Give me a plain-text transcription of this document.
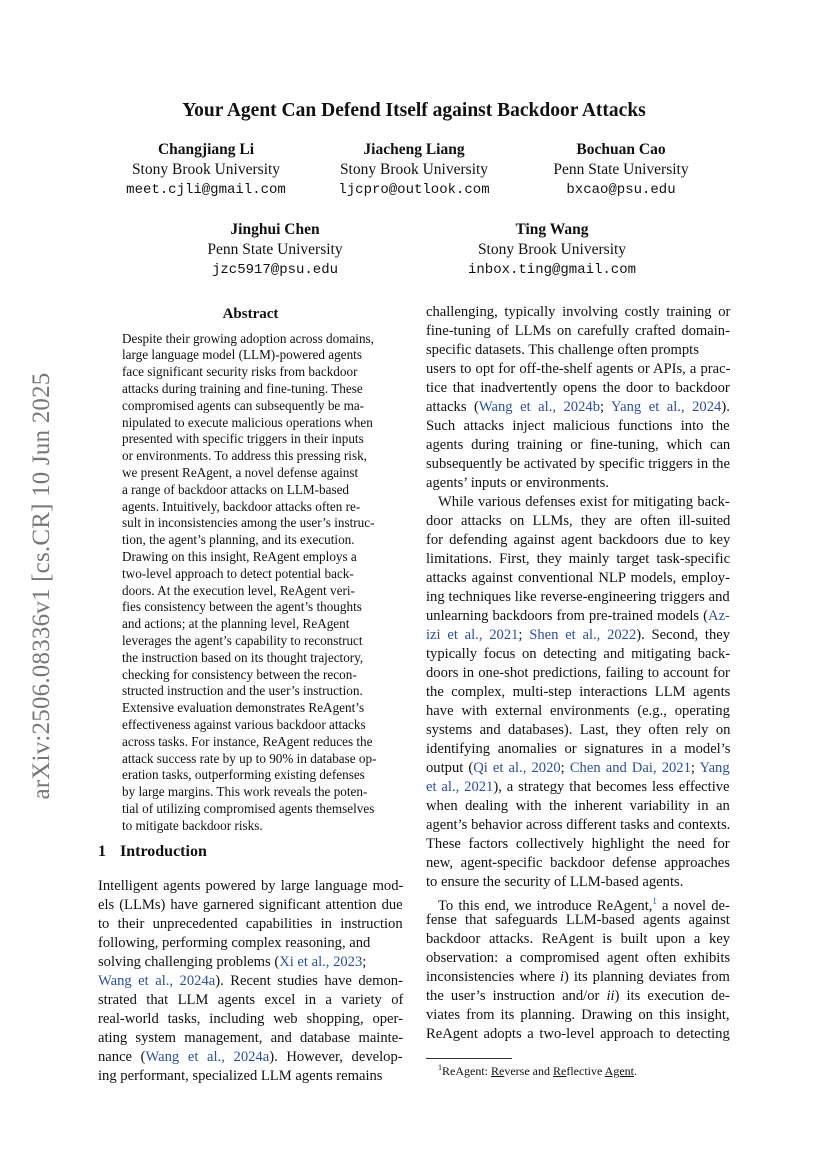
arXiv:2506.08336v1 [cs.CR] 10 Jun 2025
Your Agent Can Defend Itself against Backdoor Attacks
Changjiang Li
Stony Brook University
meet.cjli@gmail.com
Jiacheng Liang
Stony Brook University
ljcpro@outlook.com
Bochuan Cao
Penn State University
bxcao@psu.edu
Jinghui Chen
Penn State University
jzc5917@psu.edu
Ting Wang
Stony Brook University
inbox.ting@gmail.com
Abstract
Despite their growing adoption across domains,
large language model (LLM)-powered agents
face significant security risks from backdoor
attacks during training and fine-tuning. These
compromised agents can subsequently be ma-
nipulated to execute malicious operations when
presented with specific triggers in their inputs
or environments. To address this pressing risk,
we present ReAgent, a novel defense against
a range of backdoor attacks on LLM-based
agents. Intuitively, backdoor attacks often re-
sult in inconsistencies among the user’s instruc-
tion, the agent’s planning, and its execution.
Drawing on this insight, ReAgent employs a
two-level approach to detect potential back-
doors. At the execution level, ReAgent veri-
fies consistency between the agent’s thoughts
and actions; at the planning level, ReAgent
leverages the agent’s capability to reconstruct
the instruction based on its thought trajectory,
checking for consistency between the recon-
structed instruction and the user’s instruction.
Extensive evaluation demonstrates ReAgent’s
effectiveness against various backdoor attacks
across tasks. For instance, ReAgent reduces the
attack success rate by up to 90% in database op-
eration tasks, outperforming existing defenses
by large margins. This work reveals the poten-
tial of utilizing compromised agents themselves
to mitigate backdoor risks.
1 Introduction
Intelligent agents powered by large language mod-
els (LLMs) have garnered significant attention due
to their unprecedented capabilities in instruction
following, performing complex reasoning, and
solving challenging problems (Xi et al., 2023;
Wang et al., 2024a). Recent studies have demon-
strated that LLM agents excel in a variety of
real-world tasks, including web shopping, oper-
ating system management, and database mainte-
nance (Wang et al., 2024a). However, develop-
ing performant, specialized LLM agents remains
challenging, typically involving costly training or
fine-tuning of LLMs on carefully crafted domain-
specific datasets. This challenge often prompts
users to opt for off-the-shelf agents or APIs, a prac-
tice that inadvertently opens the door to backdoor
attacks (Wang et al., 2024b; Yang et al., 2024).
Such attacks inject malicious functions into the
agents during training or fine-tuning, which can
subsequently be activated by specific triggers in the
agents’ inputs or environments.
While various defenses exist for mitigating back-
door attacks on LLMs, they are often ill-suited
for defending against agent backdoors due to key
limitations. First, they mainly target task-specific
attacks against conventional NLP models, employ-
ing techniques like reverse-engineering triggers and
unlearning backdoors from pre-trained models (Az-
izi et al., 2021; Shen et al., 2022). Second, they
typically focus on detecting and mitigating back-
doors in one-shot predictions, failing to account for
the complex, multi-step interactions LLM agents
have with external environments (e.g., operating
systems and databases). Last, they often rely on
identifying anomalies or signatures in a model’s
output (Qi et al., 2020; Chen and Dai, 2021; Yang
et al., 2021), a strategy that becomes less effective
when dealing with the inherent variability in an
agent’s behavior across different tasks and contexts.
These factors collectively highlight the need for
new, agent-specific backdoor defense approaches
to ensure the security of LLM-based agents.
To this end, we introduce ReAgent,$^1$ a novel de-
fense that safeguards LLM-based agents against
backdoor attacks. ReAgent is built upon a key
observation: a compromised agent often exhibits
inconsistencies where i) its planning deviates from
the user’s instruction and/or ii) its execution de-
viates from its planning. Drawing on this insight,
ReAgent adopts a two-level approach to detecting
$^1$ReAgent: Reverse and Reflective Agent.
